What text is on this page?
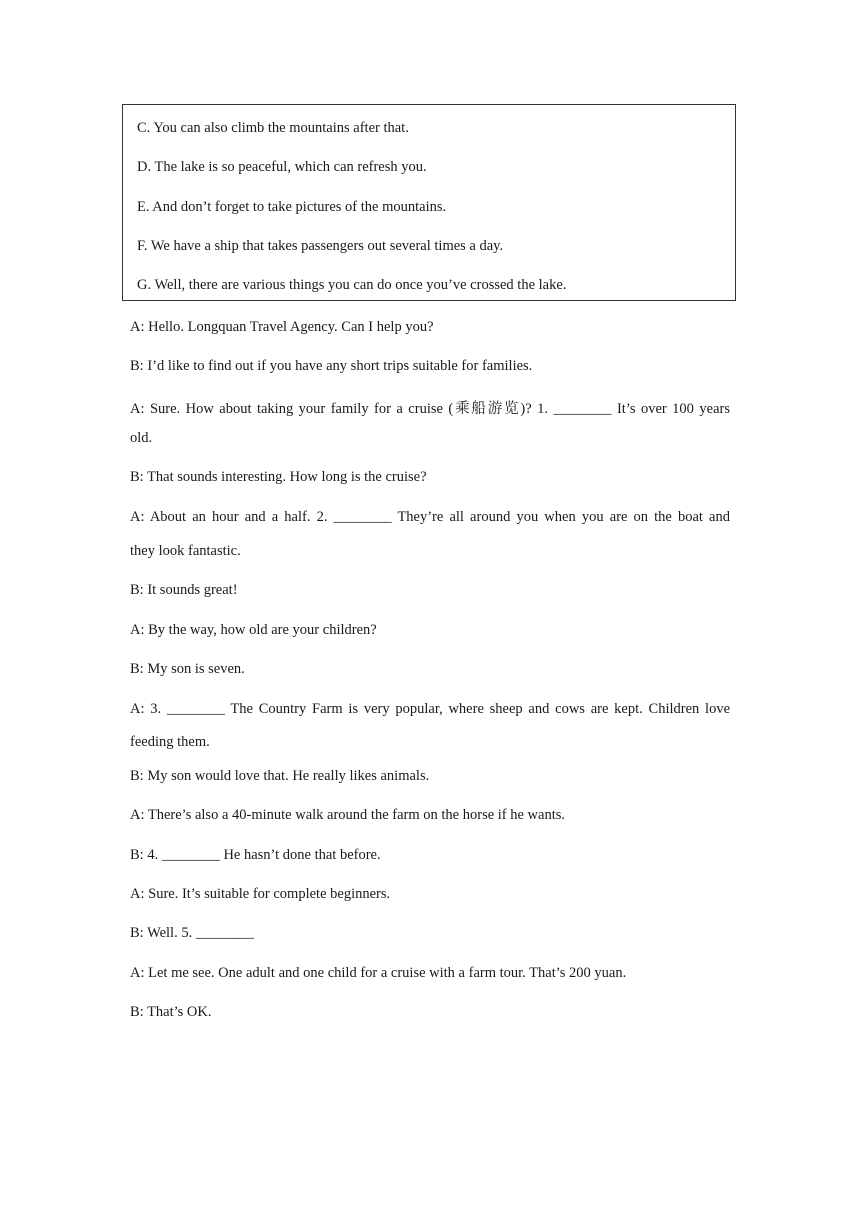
C. You can also climb the mountains after that.
D. The lake is so peaceful, which can refresh you.
E. And don’t forget to take pictures of the mountains.
F. We have a ship that takes passengers out several times a day.
G. Well, there are various things you can do once you’ve crossed the lake.
A: Hello. Longquan Travel Agency. Can I help you?
B: I’d like to find out if you have any short trips suitable for families.
A: Sure. How about taking your family for a cruise (乘船游览)? 1. ________ It’s over 100 years
old.
B: That sounds interesting. How long is the cruise?
A: About an hour and a half. 2. ________ They’re all around you when you are on the boat and
they look fantastic.
B: It sounds great!
A: By the way, how old are your children?
B: My son is seven.
A: 3. ________ The Country Farm is very popular, where sheep and cows are kept. Children love
feeding them.
B: My son would love that. He really likes animals.
A: There’s also a 40-minute walk around the farm on the horse if he wants.
B: 4. ________ He hasn’t done that before.
A: Sure. It’s suitable for complete beginners.
B: Well. 5. ________
A: Let me see. One adult and one child for a cruise with a farm tour. That’s 200 yuan.
B: That’s OK.
